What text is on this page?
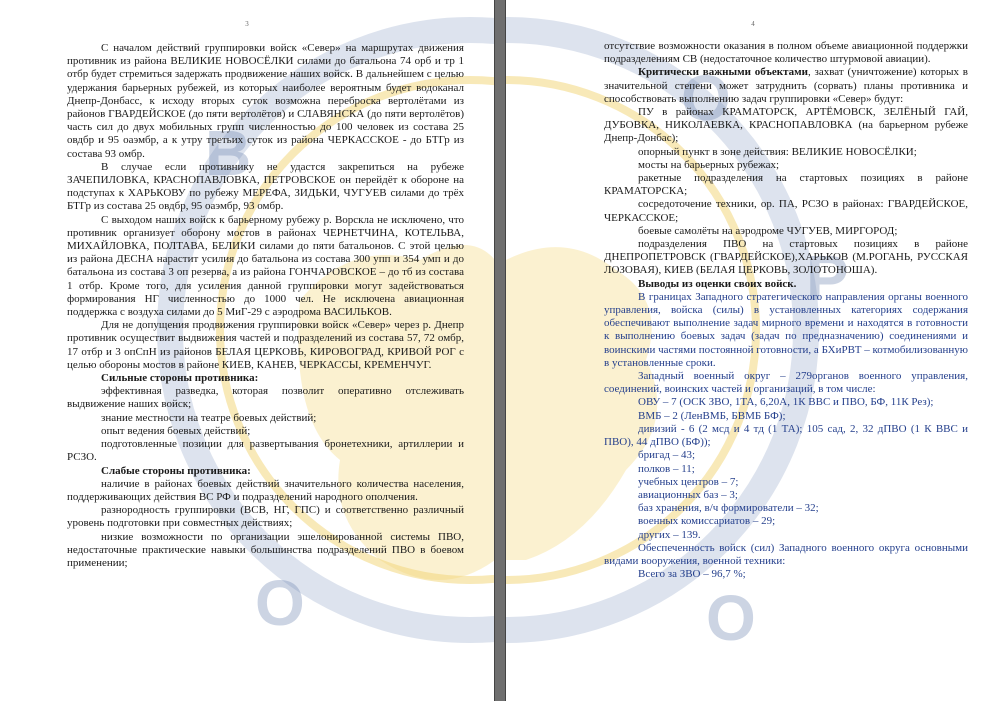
В
О
3

С началом действий группировки войск «Север» на маршрутах движения противник из района ВЕЛИКИЕ НОВОСЁЛКИ силами до батальона 74 орб и тр 1 отбр будет стремиться задержать продвижение наших войск. В дальнейшем с целью удержания барьерных рубежей, из которых наиболее вероятным будет водоканал Днепр-Донбасс, к исходу вторых суток возможна переброска вертолётами из районов ГВАРДЕЙСКОЕ (до пяти вертолётов) и СЛАВЯНСКА (до пяти вертолётов) часть сил до двух мобильных групп численностью до 100 человек из состава 25 овдбр и 95 оаэмбр, а к утру третьих суток из района ЧЕРКАССКОЕ - до БТГр из состава 93 омбр.

В случае если противнику не удастся закрепиться на рубеже ЗАЧЕПИЛОВКА, КРАСНОПАВЛОВКА, ПЕТРОВСКОЕ он перейдёт к обороне на подступах к ХАРЬКОВУ по рубежу МЕРЕФА, ЗИДЬКИ, ЧУГУЕВ силами до трёх БТГр из состава 25 овдбр, 95 оаэмбр, 93 омбр.

С выходом наших войск к барьерному рубежу р. Ворскла не исключено, что противник организует оборону мостов в районах ЧЕРНЕТЧИНА, КОТЕЛЬВА, МИХАЙЛОВКА, ПОЛТАВА, БЕЛИКИ силами до пяти батальонов. С этой целью из района ДЕСНА нарастит усилия до батальона из состава 300 упп и 354 умп и до батальона из состава 3 оп резерва, а из района ГОНЧАРОВСКОЕ – до тб из состава 1 отбр. Кроме того, для усиления данной группировки могут задействоваться формирования НГ численностью до 1000 чел. Не исключена авиационная поддержка с воздуха силами до 5 МиГ-29 с аэродрома ВАСИЛЬКОВ.

Для не допущения продвижения группировки войск «Север» через р. Днепр противник осуществит выдвижения частей и подразделений из состава 57, 72 омбр, 17 отбр и 3 опСпН из районов БЕЛАЯ ЦЕРКОВЬ, КИРОВОГРАД, КРИВОЙ РОГ с целью обороны мостов в районе КИЕВ, КАНЕВ, ЧЕРКАССЫ, КРЕМЕНЧУГ.

Сильные стороны противника:

эффективная разведка, которая позволит оперативно отслеживать выдвижение наших войск;

знание местности на театре боевых действий;

опыт ведения боевых действий;

подготовленные позиции для развертывания бронетехники, артиллерии и РСЗО.

Слабые стороны противника:

наличие в районах боевых действий значительного количества населения, поддерживающих действия ВС РФ и подразделений народного ополчения.

разнородность группировки (ВСВ, НГ, ГПС) и соответственно различный уровень подготовки при совместных действиях;

низкие возможности по организации эшелонированной системы ПВО, недостаточные практические навыки большинства подразделений ПВО в боевом применении;

О
Р
О
4

отсутствие возможности оказания в полном объеме авиационной поддержки подразделениям СВ (недостаточное количество штурмовой авиации).

Критически важными объектами, захват (уничтожение) которых в значительной степени может затруднить (сорвать) планы противника и способствовать выполнению задач группировки «Север» будут:

ПУ в районах КРАМАТОРСК, АРТЁМОВСК, ЗЕЛЁНЫЙ ГАЙ, ДУБОВКА, НИКОЛАЕВКА, КРАСНОПАВЛОВКА (на барьерном рубеже Днепр-Донбас);

опорный пункт в зоне действия: ВЕЛИКИЕ НОВОСЁЛКИ;

мосты на барьерных рубежах;

ракетные подразделения на стартовых позициях в районе КРАМАТОРСКА;

сосредоточение техники, ор. ПА, РСЗО в районах: ГВАРДЕЙСКОЕ, ЧЕРКАССКОЕ;

боевые самолёты на аэродроме ЧУГУЕВ, МИРГОРОД;

подразделения ПВО на стартовых позициях в районе ДНЕПРОПЕТРОВСК (ГВАРДЕЙСКОЕ),ХАРЬКОВ (М.РОГАНЬ, РУССКАЯ ЛОЗОВАЯ), КИЕВ (БЕЛАЯ ЦЕРКОВЬ, ЗОЛОТОНОША).

Выводы из оценки своих войск.

В границах Западного стратегического направления органы военного управления, войска (силы) в установленных категориях содержания обеспечивают выполнение задач мирного времени и находятся в готовности к выполнению боевых задач (задач по предназначению) соединениями и воинскими частями постоянной готовности, а БХиРВТ – котмобилизованную в установленные сроки.

Западный военный округ – 279органов военного управления, соединений, воинских частей и организаций, в том числе:

ОВУ – 7 (ОСК ЗВО, 1ТА, 6,20А, 1К ВВС и ПВО, БФ, 11К Рез);

ВМБ – 2 (ЛенВМБ, БВМБ БФ);

дивизий - 6 (2 мсд и 4 тд (1 ТА); 105 сад, 2, 32 дПВО (1 К ВВС и ПВО), 44 дПВО (БФ));

бригад – 43;

полков – 11;

учебных центров – 7;

авиационных баз – 3;

баз хранения, в/ч формирователи – 32;

военных комиссариатов – 29;

других – 139.

Обеспеченность войск (сил) Западного военного округа основными видами вооружения, военной техники:

Всего за ЗВО – 96,7 %;
